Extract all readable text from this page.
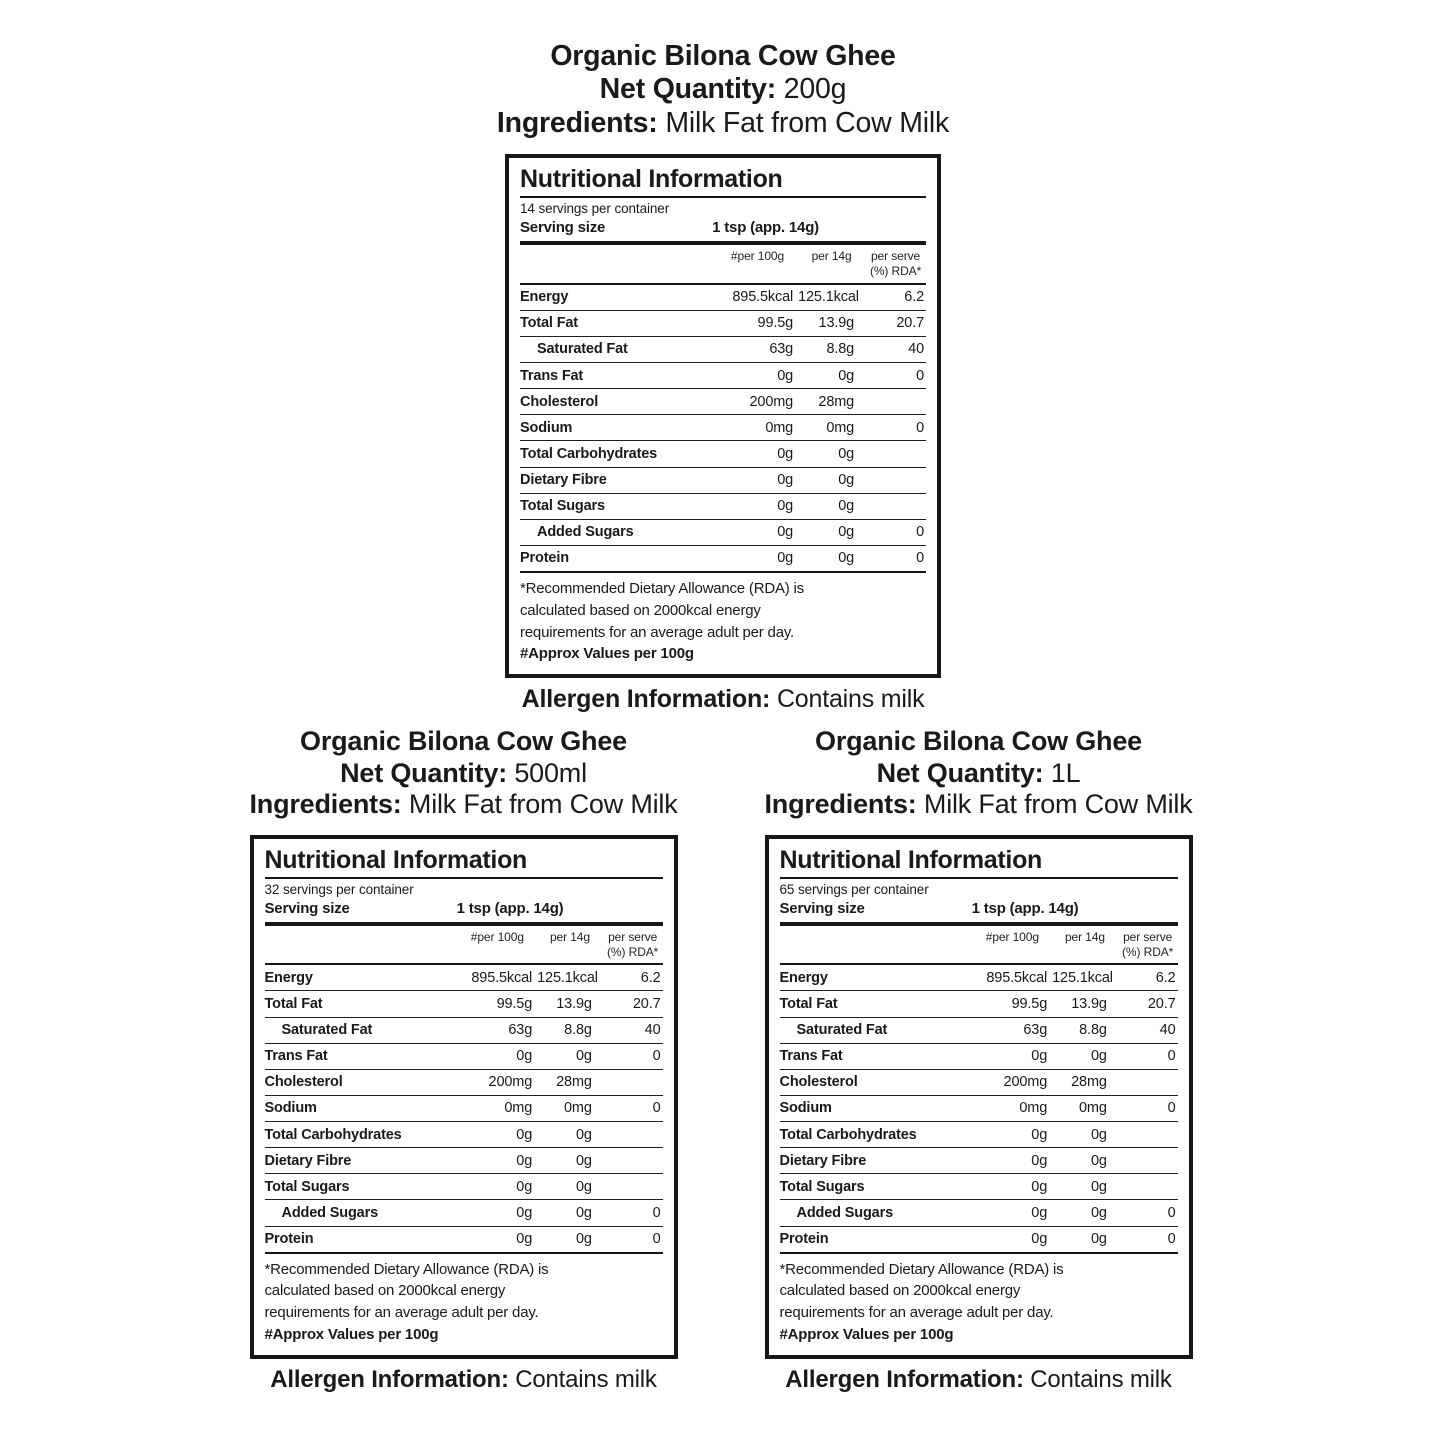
Organic Bilona Cow Ghee
Net Quantity: 200g
Ingredients: Milk Fat from Cow Milk
Nutritional Information
14 servings per container
Serving size	1 tsp (app. 14g)
	#per 100g	per 14g	per serve
(%) RDA*
Energy	895.5kcal	125.1kcal	6.2
Total Fat	99.5g	13.9g	20.7
Saturated Fat	63g	8.8g	40
Trans Fat	0g	0g	0
Cholesterol	200mg	28mg	
Sodium	0mg	0mg	0
Total Carbohydrates	0g	0g	
Dietary Fibre	0g	0g	
Total Sugars	0g	0g	
Added Sugars	0g	0g	0
Protein	0g	0g	0
*Recommended Dietary Allowance (RDA) is
calculated based on 2000kcal energy
requirements for an average adult per day.
#Approx Values per 100g
Allergen Information: Contains milk
Organic Bilona Cow Ghee
Net Quantity: 500ml
Ingredients: Milk Fat from Cow Milk
Nutritional Information
32 servings per container
Serving size	1 tsp (app. 14g)
	#per 100g	per 14g	per serve
(%) RDA*
Energy	895.5kcal	125.1kcal	6.2
Total Fat	99.5g	13.9g	20.7
Saturated Fat	63g	8.8g	40
Trans Fat	0g	0g	0
Cholesterol	200mg	28mg	
Sodium	0mg	0mg	0
Total Carbohydrates	0g	0g	
Dietary Fibre	0g	0g	
Total Sugars	0g	0g	
Added Sugars	0g	0g	0
Protein	0g	0g	0
*Recommended Dietary Allowance (RDA) is
calculated based on 2000kcal energy
requirements for an average adult per day.
#Approx Values per 100g
Allergen Information: Contains milk
Organic Bilona Cow Ghee
Net Quantity: 1L
Ingredients: Milk Fat from Cow Milk
Nutritional Information
65 servings per container
Serving size	1 tsp (app. 14g)
	#per 100g	per 14g	per serve
(%) RDA*
Energy	895.5kcal	125.1kcal	6.2
Total Fat	99.5g	13.9g	20.7
Saturated Fat	63g	8.8g	40
Trans Fat	0g	0g	0
Cholesterol	200mg	28mg	
Sodium	0mg	0mg	0
Total Carbohydrates	0g	0g	
Dietary Fibre	0g	0g	
Total Sugars	0g	0g	
Added Sugars	0g	0g	0
Protein	0g	0g	0
*Recommended Dietary Allowance (RDA) is
calculated based on 2000kcal energy
requirements for an average adult per day.
#Approx Values per 100g
Allergen Information: Contains milk
